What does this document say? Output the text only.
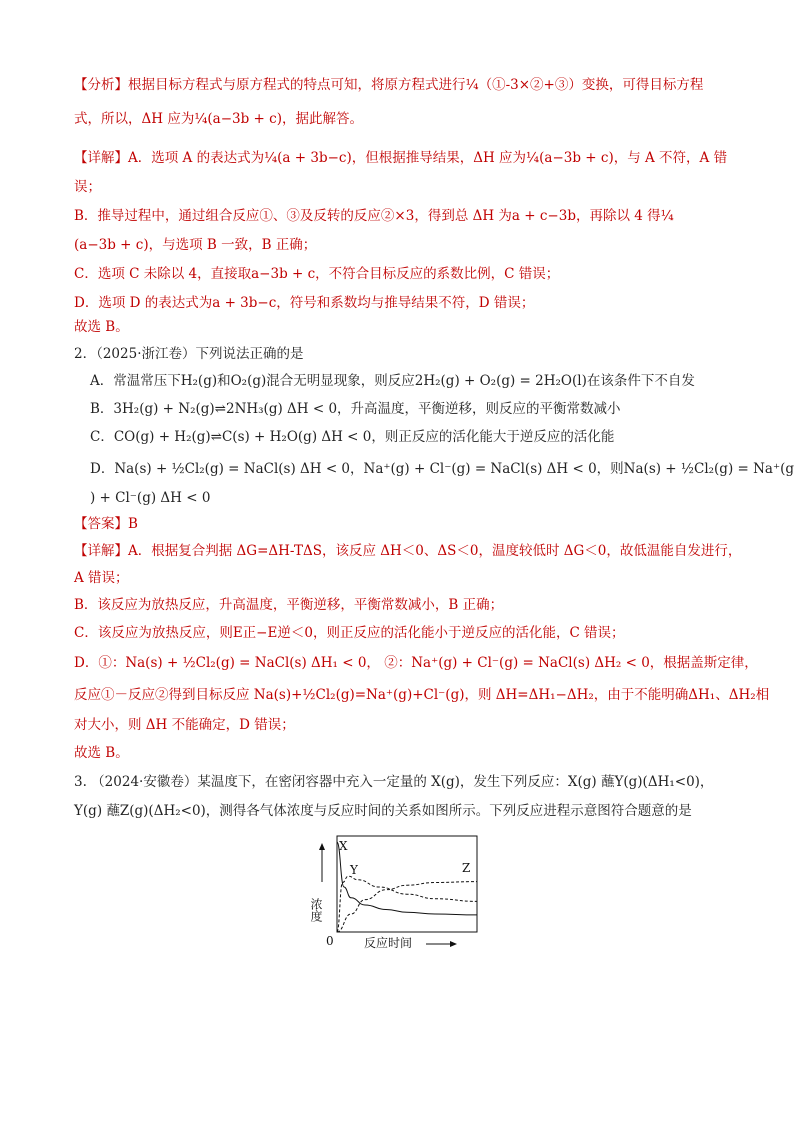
【分析】根据目标方程式与原方程式的特点可知，将原方程式进行¼（①-3×②+③）变换，可得目标方程
式，所以，ΔH 应为¼(a−3b + c)，据此解答。
【详解】A．选项 A 的表达式为¼(a + 3b−c)，但根据推导结果，ΔH 应为¼(a−3b + c)，与 A 不符，A 错
误；
B．推导过程中，通过组合反应①、③及反转的反应②×3，得到总 ΔH 为a + c−3b，再除以 4 得¼
(a−3b + c)，与选项 B 一致，B 正确；
C．选项 C 未除以 4，直接取a−3b + c，不符合目标反应的系数比例，C 错误；
D．选项 D 的表达式为a + 3b−c，符号和系数均与推导结果不符，D 错误；
故选 B。
2．（2025·浙江卷）下列说法正确的是
A．常温常压下H₂(g)和O₂(g)混合无明显现象，则反应2H₂(g) + O₂(g) = 2H₂O(l)在该条件下不自发
B．3H₂(g) + N₂(g)⇌2NH₃(g) ΔH < 0，升高温度，平衡逆移，则反应的平衡常数减小
C．CO(g) + H₂(g)⇌C(s) + H₂O(g) ΔH < 0，则正反应的活化能大于逆反应的活化能
D．Na(s) + ½Cl₂(g) = NaCl(s) ΔH < 0，Na⁺(g) + Cl⁻(g) = NaCl(s) ΔH < 0，则Na(s) + ½Cl₂(g) = Na⁺(g
) + Cl⁻(g) ΔH < 0
【答案】B
【详解】A．根据复合判据 ΔG=ΔH-TΔS，该反应 ΔH＜0、ΔS＜0，温度较低时 ΔG＜0，故低温能自发进行，
A 错误；
B．该反应为放热反应，升高温度，平衡逆移，平衡常数减小，B 正确；
C．该反应为放热反应，则E正−E逆＜0，则正反应的活化能小于逆反应的活化能，C 错误；
D．①：Na(s) + ½Cl₂(g) = NaCl(s) ΔH₁ < 0， ②：Na⁺(g) + Cl⁻(g) = NaCl(s) ΔH₂ < 0，根据盖斯定律，
反应①－反应②得到目标反应 Na(s)+½Cl₂(g)=Na⁺(g)+Cl⁻(g)，则 ΔH=ΔH₁−ΔH₂，由于不能明确ΔH₁、ΔH₂相
对大小，则 ΔH 不能确定，D 错误；
故选 B。
3. （2024·安徽卷）某温度下，在密闭容器中充入一定量的 X(g)，发生下列反应：X(g) 蘸Y(g)(ΔH₁<0)，
Y(g) 蘸Z(g)(ΔH₂<0)，测得各气体浓度与反应时间的关系如图所示。下列反应进程示意图符合题意的是
X
Y	Z
浓度
0	反应时间
